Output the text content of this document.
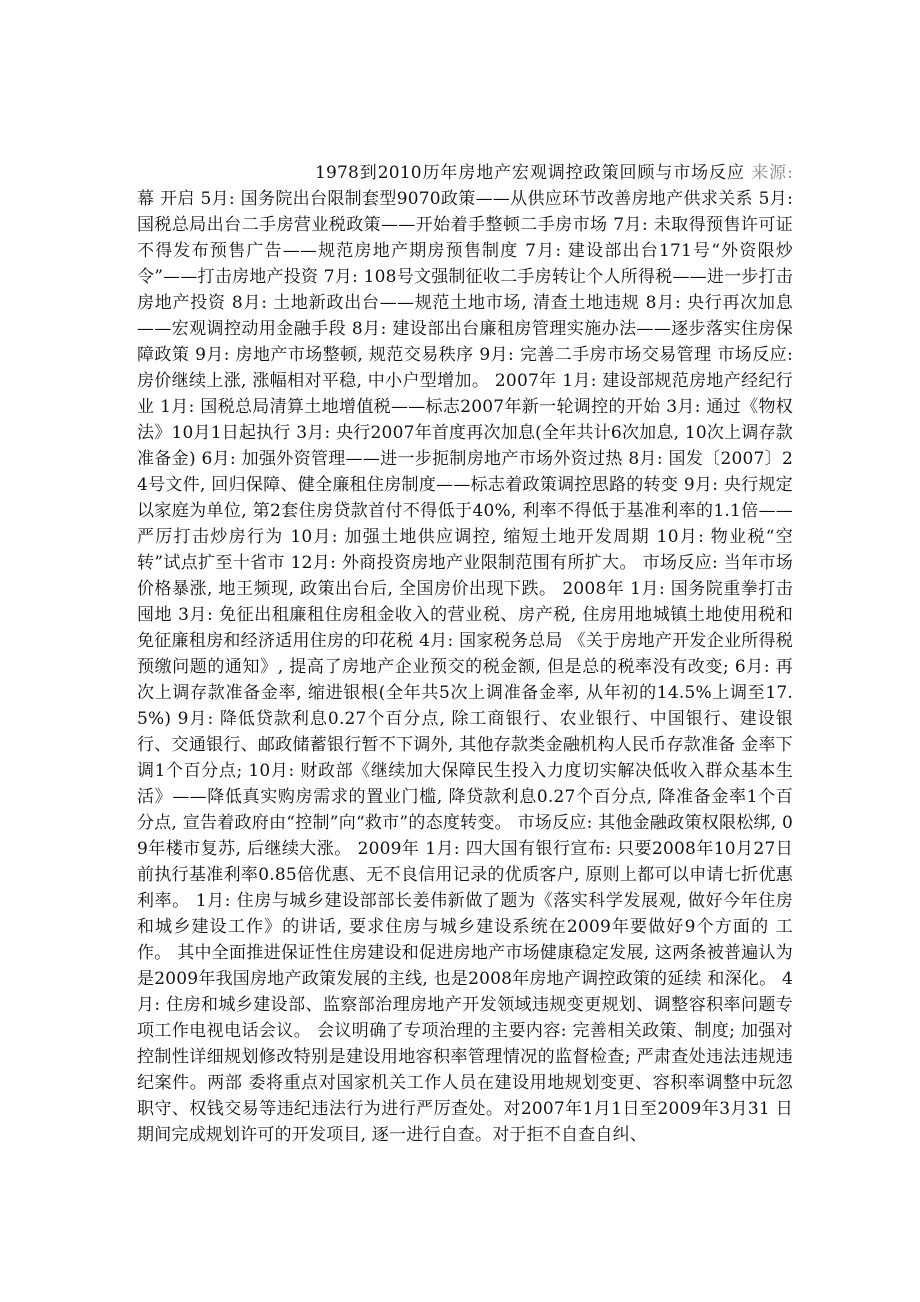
1978到2010历年房地产宏观调控政策回顾与市场反应 来源: 幕 开启 5月: 国务院出台限制套型9070政策——从供应环节改善房地产供求关系 5月: 国税总局出台二手房营业税政策——开始着手整顿二手房市场 7月: 未取得预售许可证不得发布预售广告——规范房地产期房预售制度 7月: 建设部出台171号“外资限炒令”——打击房地产投资 7月: 108号文强制征收二手房转让个人所得税——进一步打击房地产投资 8月: 土地新政出台——规范土地市场, 清查土地违规 8月: 央行再次加息——宏观调控动用金融手段 8月: 建设部出台廉租房管理实施办法——逐步落实住房保障政策 9月: 房地产市场整顿, 规范交易秩序 9月: 完善二手房市场交易管理 市场反应: 房价继续上涨, 涨幅相对平稳, 中小户型增加。 2007年 1月: 建设部规范房地产经纪行业 1月: 国税总局清算土地增值税——标志2007年新一轮调控的开始 3月: 通过《物权法》10月1日起执行 3月: 央行2007年首度再次加息(全年共计6次加息, 10次上调存款准备金) 6月: 加强外资管理——进一步扼制房地产市场外资过热 8月: 国发〔2007〕24号文件, 回归保障、健全廉租住房制度——标志着政策调控思路的转变 9月: 央行规定以家庭为单位, 第2套住房贷款首付不得低于40%, 利率不得低于基准利率的1.1倍——严厉打击炒房行为 10月: 加强土地供应调控, 缩短土地开发周期 10月: 物业税“空转”试点扩至十省市 12月: 外商投资房地产业限制范围有所扩大。 市场反应: 当年市场价格暴涨, 地王频现, 政策出台后, 全国房价出现下跌。 2008年 1月: 国务院重拳打击囤地 3月: 免征出租廉租住房租金收入的营业税、房产税, 住房用地城镇土地使用税和免征廉租房和经济适用住房的印花税 4月: 国家税务总局 《关于房地产开发企业所得税预缴问题的通知》, 提高了房地产企业预交的税金额, 但是总的税率没有改变; 6月: 再次上调存款准备金率, 缩进银根(全年共5次上调准备金率, 从年初的14.5%上调至17.5%) 9月: 降低贷款利息0.27个百分点, 除工商银行、农业银行、中国银行、建设银行、交通银行、邮政储蓄银行暂不下调外, 其他存款类金融机构人民币存款准备 金率下调1个百分点; 10月: 财政部《继续加大保障民生投入力度切实解决低收入群众基本生活》——降低真实购房需求的置业门槛, 降贷款利息0.27个百分点, 降准备金率1个百 分点, 宣告着政府由“控制”向“救市”的态度转变。 市场反应: 其他金融政策权限松绑, 09年楼市复苏, 后继续大涨。 2009年 1月: 四大国有银行宣布: 只要2008年10月27日前执行基准利率0.85倍优惠、无不良信用记录的优质客户, 原则上都可以申请七折优惠利率。 1月: 住房与城乡建设部部长姜伟新做了题为《落实科学发展观, 做好今年住房和城乡建设工作》的讲话, 要求住房与城乡建设系统在2009年要做好9个方面的 工作。 其中全面推进保证性住房建设和促进房地产市场健康稳定发展, 这两条被普遍认为是2009年我国房地产政策发展的主线, 也是2008年房地产调控政策的延续 和深化。 4月: 住房和城乡建设部、监察部治理房地产开发领域违规变更规划、调整容积率问题专项工作电视电话会议。 会议明确了专项治理的主要内容: 完善相关政策、制度; 加强对控制性详细规划修改特别是建设用地容积率管理情况的监督检查; 严肃查处违法违规违纪案件。两部 委将重点对国家机关工作人员在建设用地规划变更、容积率调整中玩忽职守、权钱交易等违纪违法行为进行严厉查处。对2007年1月1日至2009年3月31 日期间完成规划许可的开发项目, 逐一进行自查。对于拒不自查自纠、
